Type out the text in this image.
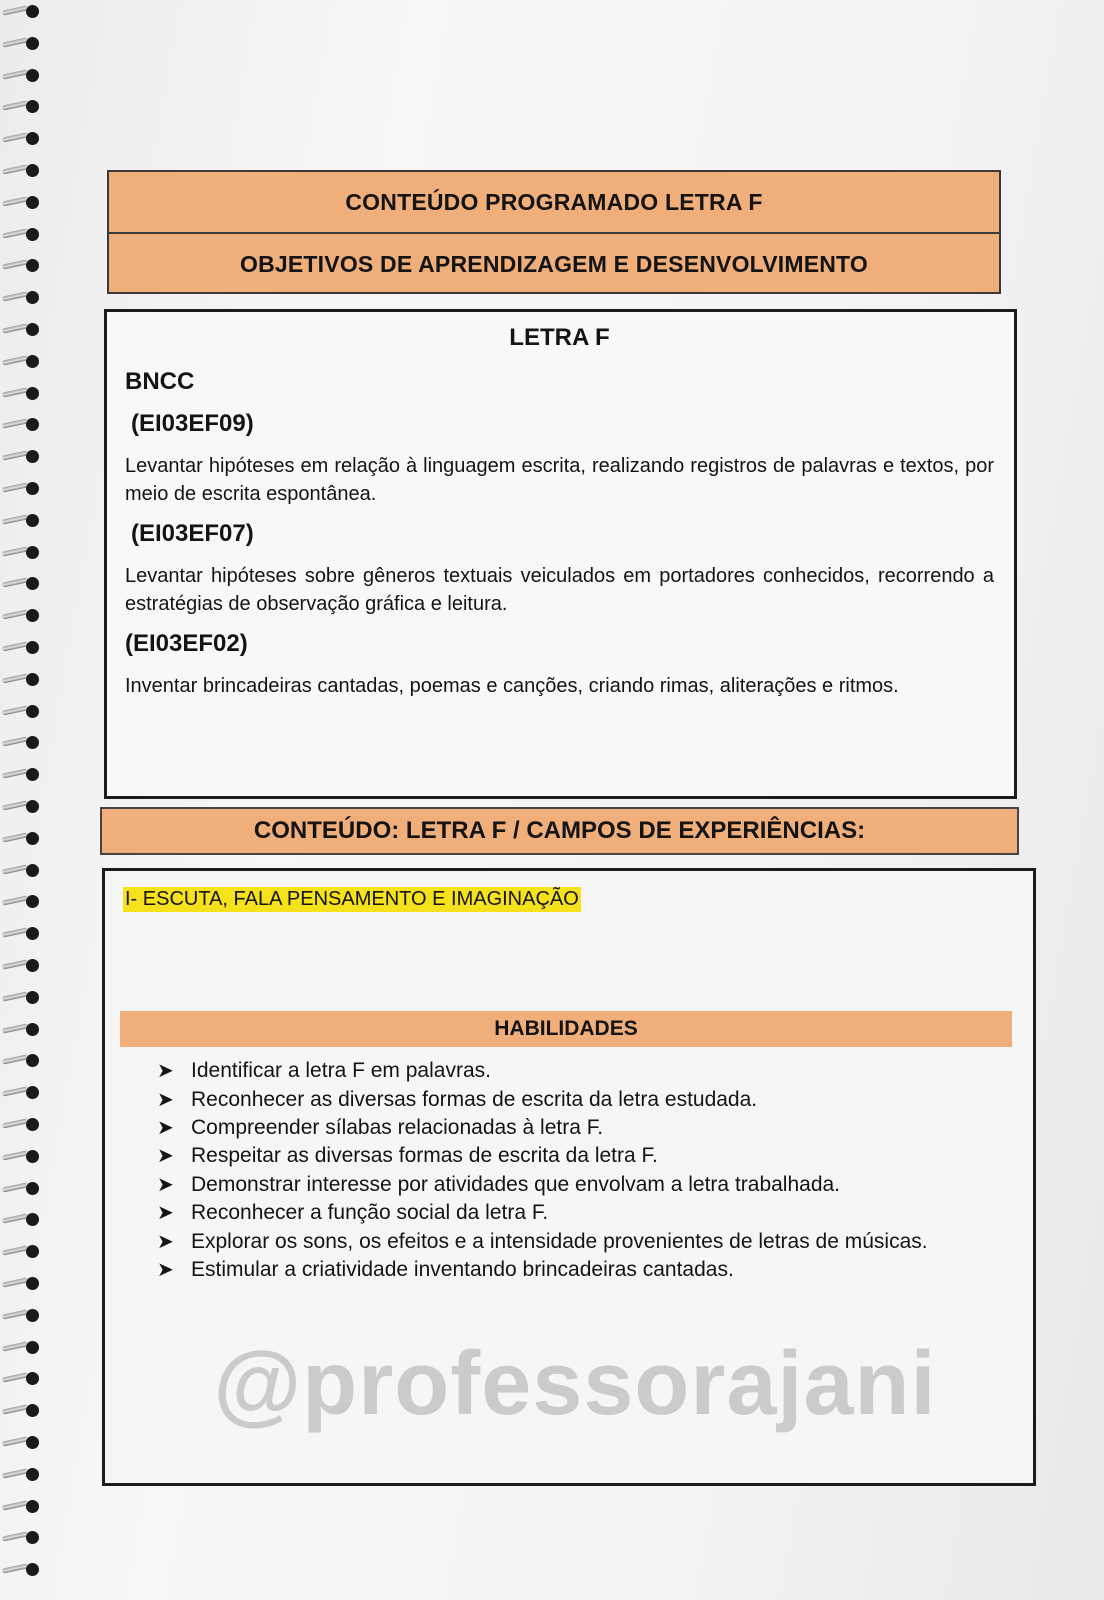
CONTEÚDO PROGRAMADO LETRA F
OBJETIVOS DE APRENDIZAGEM E DESENVOLVIMENTO
LETRA F
BNCC
(EI03EF09)
Levantar hipóteses em relação à linguagem escrita, realizando registros de palavras e textos, por meio de escrita espontânea.
(EI03EF07)
Levantar hipóteses sobre gêneros textuais veiculados em portadores conhecidos, recorrendo a estratégias de observação gráfica e leitura.
(EI03EF02)
Inventar brincadeiras cantadas, poemas e canções, criando rimas, aliterações e ritmos.
CONTEÚDO: LETRA F / CAMPOS DE EXPERIÊNCIAS:
I- ESCUTA, FALA PENSAMENTO E IMAGINAÇÃO
HABILIDADES
➤ Identificar a letra F em palavras.
➤ Reconhecer as diversas formas de escrita da letra estudada.
➤ Compreender sílabas relacionadas à letra F.
➤ Respeitar as diversas formas de escrita da letra F.
➤ Demonstrar interesse por atividades que envolvam a letra trabalhada.
➤ Reconhecer a função social da letra F.
➤ Explorar os sons, os efeitos e a intensidade provenientes de letras de músicas.
➤ Estimular a criatividade inventando brincadeiras cantadas.
@professorajani
